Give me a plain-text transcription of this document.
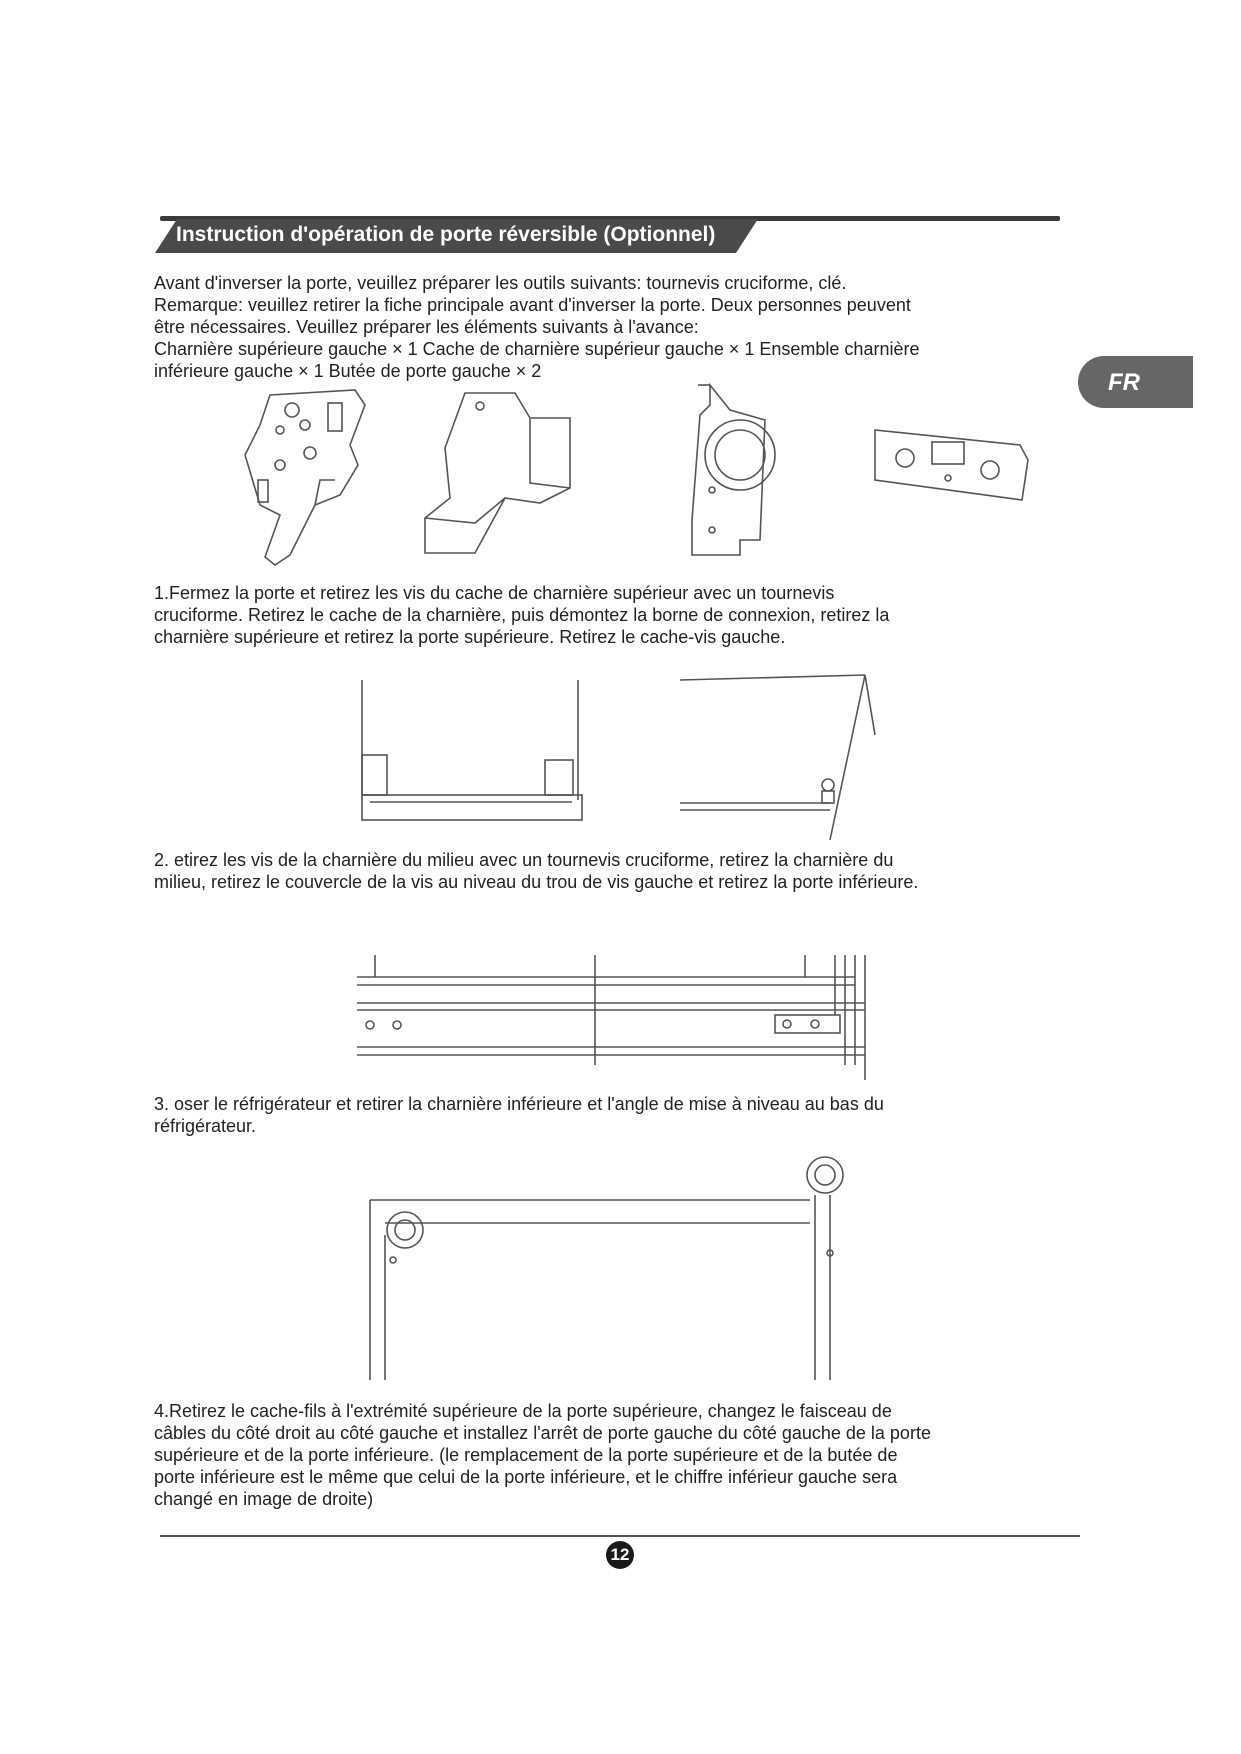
Instruction d'opération de porte réversible (Optionnel)
FR

Avant d'inverser la porte, veuillez préparer les outils suivants: tournevis cruciforme, clé.
Remarque: veuillez retirer la fiche principale avant d'inverser la porte. Deux personnes peuvent
être nécessaires. Veuillez préparer les éléments suivants à l'avance:
Charnière supérieure gauche × 1 Cache de charnière supérieur gauche × 1 Ensemble charnière
inférieure gauche × 1 Butée de porte gauche × 2

1.Fermez la porte et retirez les vis du cache de charnière supérieur avec un tournevis
cruciforme. Retirez le cache de la charnière, puis démontez la borne de connexion, retirez la
charnière supérieure et retirez la porte supérieure. Retirez le cache-vis gauche.

2. etirez les vis de la charnière du milieu avec un tournevis cruciforme, retirez la charnière du
milieu, retirez le couvercle de la vis au niveau du trou de vis gauche et retirez la porte inférieure.

3. oser le réfrigérateur et retirer la charnière inférieure et l'angle de mise à niveau au bas du
réfrigérateur.

4.Retirez le cache-fils à l'extrémité supérieure de la porte supérieure, changez le faisceau de
câbles du côté droit au côté gauche et installez l'arrêt de porte gauche du côté gauche de la porte
supérieure et de la porte inférieure. (le remplacement de la porte supérieure et de la butée de
porte inférieure est le même que celui de la porte inférieure, et le chiffre inférieur gauche sera
changé en image de droite)

12
